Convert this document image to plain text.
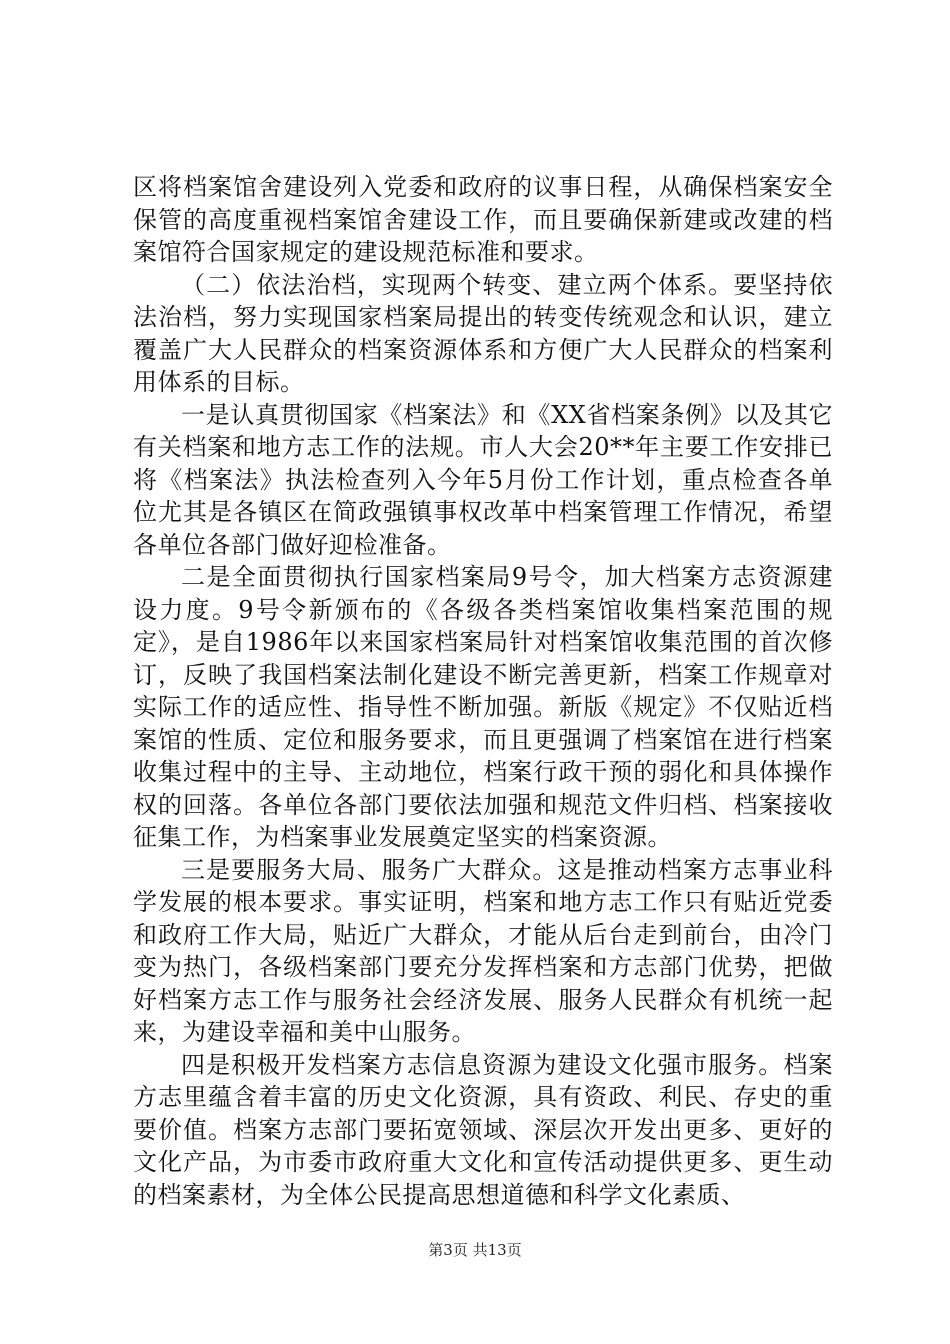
区将档案馆舍建设列入党委和政府的议事日程，从确保档案安全保管的高度重视档案馆舍建设工作，而且要确保新建或改建的档案馆符合国家规定的建设规范标准和要求。

（二）依法治档，实现两个转变、建立两个体系。要坚持依法治档，努力实现国家档案局提出的转变传统观念和认识，建立覆盖广大人民群众的档案资源体系和方便广大人民群众的档案利用体系的目标。

一是认真贯彻国家《档案法》和《XX省档案条例》以及其它有关档案和地方志工作的法规。市人大会20**年主要工作安排已将《档案法》执法检查列入今年5月份工作计划，重点检查各单位尤其是各镇区在简政强镇事权改革中档案管理工作情况，希望各单位各部门做好迎检准备。

二是全面贯彻执行国家档案局9号令，加大档案方志资源建设力度。9号令新颁布的《各级各类档案馆收集档案范围的规定》，是自1986年以来国家档案局针对档案馆收集范围的首次修订，反映了我国档案法制化建设不断完善更新，档案工作规章对实际工作的适应性、指导性不断加强。新版《规定》不仅贴近档案馆的性质、定位和服务要求，而且更强调了档案馆在进行档案收集过程中的主导、主动地位，档案行政干预的弱化和具体操作权的回落。各单位各部门要依法加强和规范文件归档、档案接收征集工作，为档案事业发展奠定坚实的档案资源。

三是要服务大局、服务广大群众。这是推动档案方志事业科学发展的根本要求。事实证明，档案和地方志工作只有贴近党委和政府工作大局，贴近广大群众，才能从后台走到前台，由冷门变为热门，各级档案部门要充分发挥档案和方志部门优势，把做好档案方志工作与服务社会经济发展、服务人民群众有机统一起来，为建设幸福和美中山服务。

四是积极开发档案方志信息资源为建设文化强市服务。档案方志里蕴含着丰富的历史文化资源，具有资政、利民、存史的重要价值。档案方志部门要拓宽领域、深层次开发出更多、更好的文化产品，为市委市政府重大文化和宣传活动提供更多、更生动的档案素材，为全体公民提高思想道德和科学文化素质、

第3页 共13页
